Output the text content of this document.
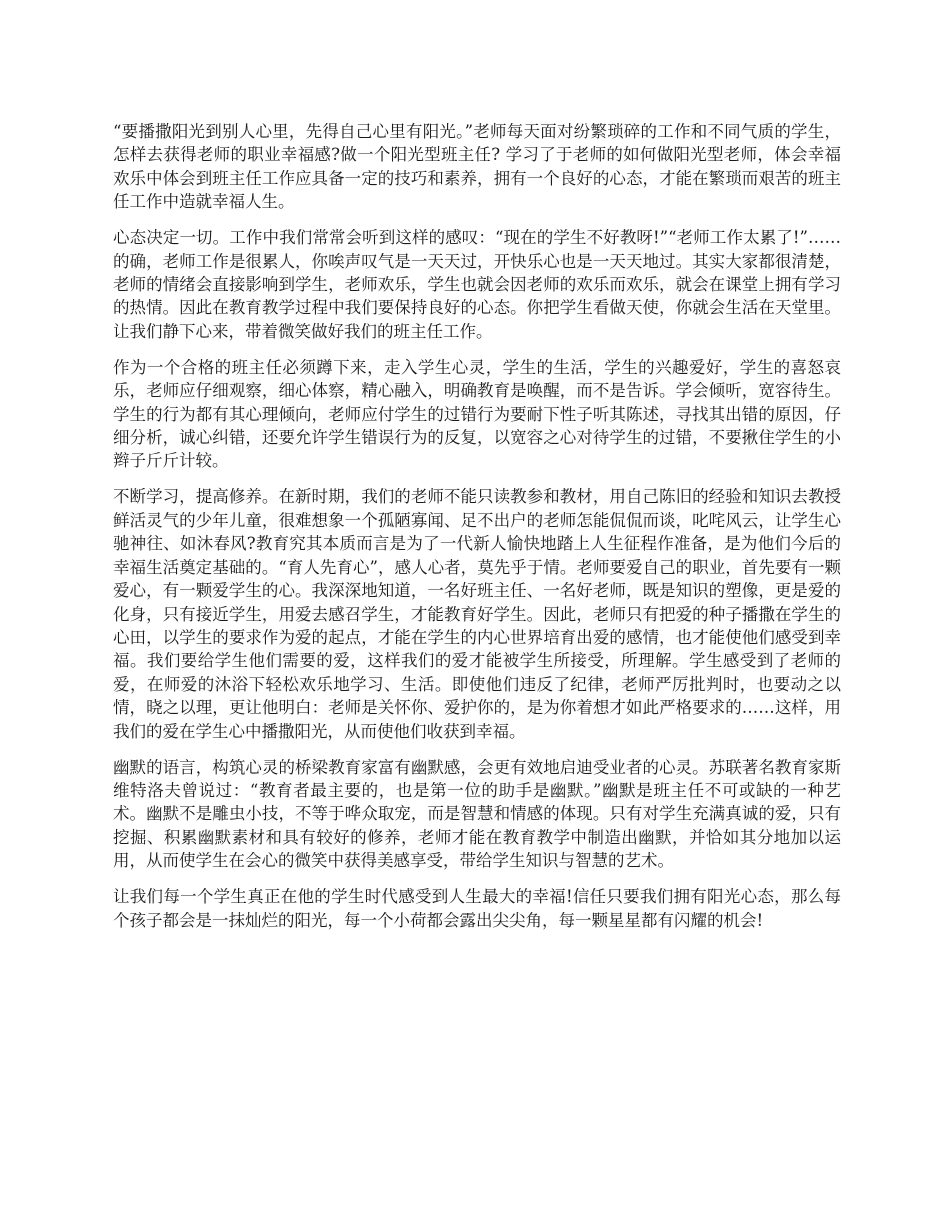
“要播撒阳光到别人心里，先得自己心里有阳光。”老师每天面对纷繁琐碎的工作和不同气质的学生，怎样去获得老师的职业幸福感?做一个阳光型班主任? 学习了于老师的如何做阳光型老师，体会幸福欢乐中体会到班主任工作应具备一定的技巧和素养，拥有一个良好的心态，才能在繁琐而艰苦的班主任工作中造就幸福人生。

心态决定一切。工作中我们常常会听到这样的感叹：“现在的学生不好教呀!”“老师工作太累了!”……的确，老师工作是很累人，你唉声叹气是一天天过，开快乐心也是一天天地过。其实大家都很清楚，老师的情绪会直接影响到学生，老师欢乐，学生也就会因老师的欢乐而欢乐，就会在课堂上拥有学习的热情。因此在教育教学过程中我们要保持良好的心态。你把学生看做天使，你就会生活在天堂里。让我们静下心来，带着微笑做好我们的班主任工作。

作为一个合格的班主任必须蹲下来，走入学生心灵，学生的生活，学生的兴趣爱好，学生的喜怒哀乐，老师应仔细观察，细心体察，精心融入，明确教育是唤醒，而不是告诉。学会倾听，宽容待生。学生的行为都有其心理倾向，老师应付学生的过错行为要耐下性子听其陈述，寻找其出错的原因，仔细分析，诚心纠错，还要允许学生错误行为的反复，以宽容之心对待学生的过错，不要揪住学生的小辫子斤斤计较。

不断学习，提高修养。在新时期，我们的老师不能只读教参和教材，用自己陈旧的经验和知识去教授鲜活灵气的少年儿童，很难想象一个孤陋寡闻、足不出户的老师怎能侃侃而谈，叱咤风云，让学生心驰神往、如沐春风?教育究其本质而言是为了一代新人愉快地踏上人生征程作准备，是为他们今后的幸福生活奠定基础的。“育人先育心”，感人心者，莫先乎于情。老师要爱自己的职业，首先要有一颗爱心，有一颗爱学生的心。我深深地知道，一名好班主任、一名好老师，既是知识的塑像，更是爱的化身，只有接近学生，用爱去感召学生，才能教育好学生。因此，老师只有把爱的种子播撒在学生的心田，以学生的要求作为爱的起点，才能在学生的内心世界培育出爱的感情，也才能使他们感受到幸福。我们要给学生他们需要的爱，这样我们的爱才能被学生所接受，所理解。学生感受到了老师的爱，在师爱的沐浴下轻松欢乐地学习、生活。即使他们违反了纪律，老师严厉批判时，也要动之以情，晓之以理，更让他明白：老师是关怀你、爱护你的，是为你着想才如此严格要求的……这样，用我们的爱在学生心中播撒阳光，从而使他们收获到幸福。

幽默的语言，构筑心灵的桥梁教育家富有幽默感，会更有效地启迪受业者的心灵。苏联著名教育家斯维特洛夫曾说过：“教育者最主要的，也是第一位的助手是幽默。”幽默是班主任不可或缺的一种艺术。幽默不是雕虫小技，不等于哗众取宠，而是智慧和情感的体现。只有对学生充满真诚的爱，只有挖掘、积累幽默素材和具有较好的修养，老师才能在教育教学中制造出幽默，并恰如其分地加以运用，从而使学生在会心的微笑中获得美感享受，带给学生知识与智慧的艺术。

让我们每一个学生真正在他的学生时代感受到人生最大的幸福!信任只要我们拥有阳光心态，那么每个孩子都会是一抹灿烂的阳光，每一个小荷都会露出尖尖角，每一颗星星都有闪耀的机会!
